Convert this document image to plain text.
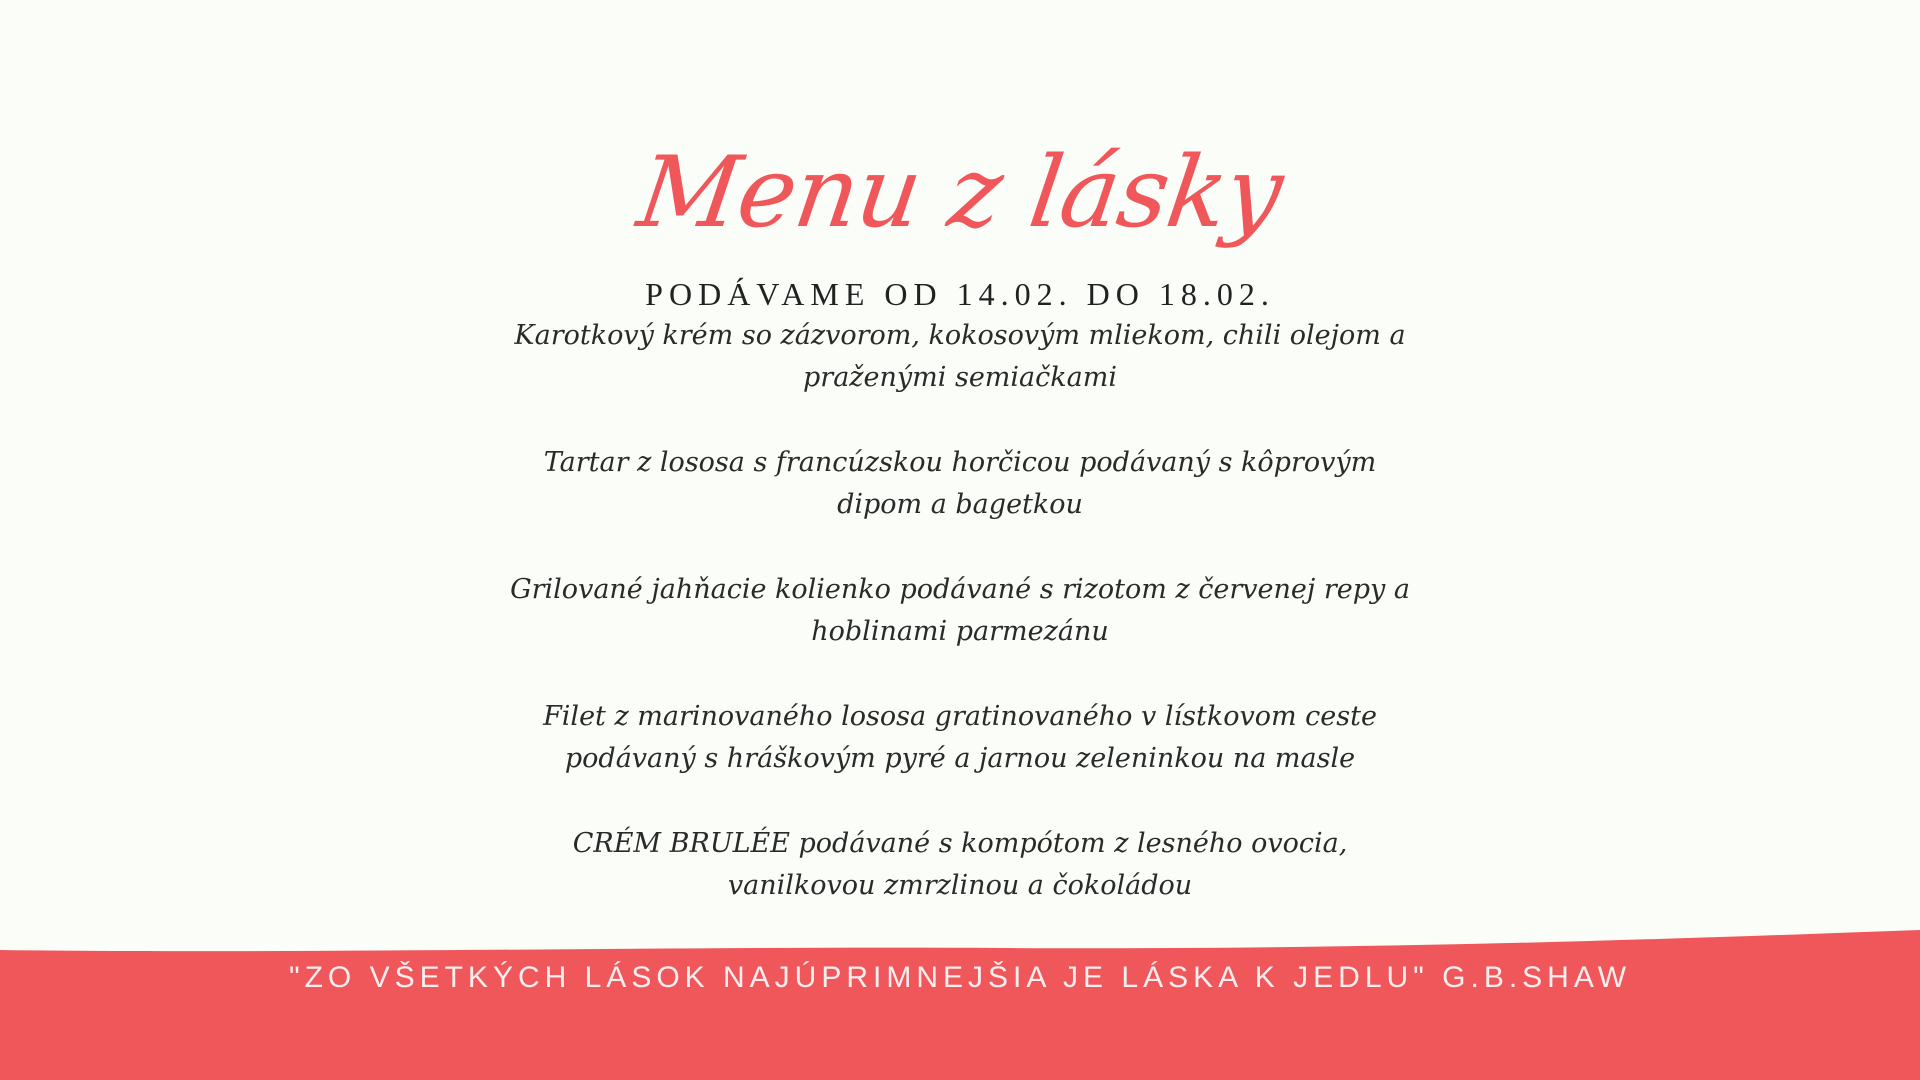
Menu z lásky
PODÁVAME OD 14.02. DO 18.02.
Karotkový krém so zázvorom, kokosovým mliekom, chili olejom a
praženými semiačkami
Tartar z lososa s francúzskou horčicou podávaný s kôprovým
dipom a bagetkou
Grilované jahňacie kolienko podávané s rizotom z červenej repy a
hoblinami parmezánu
Filet z marinovaného lososa gratinovaného v lístkovom ceste
podávaný s hráškovým pyré a jarnou zeleninkou na masle
CRÉM BRULÉE podávané s kompótom z lesného ovocia,
vanilkovou zmrzlinou a čokoládou
"ZO VŠETKÝCH LÁSOK NAJÚPRIMNEJŠIA JE LÁSKA K JEDLU" G.B.SHAW
